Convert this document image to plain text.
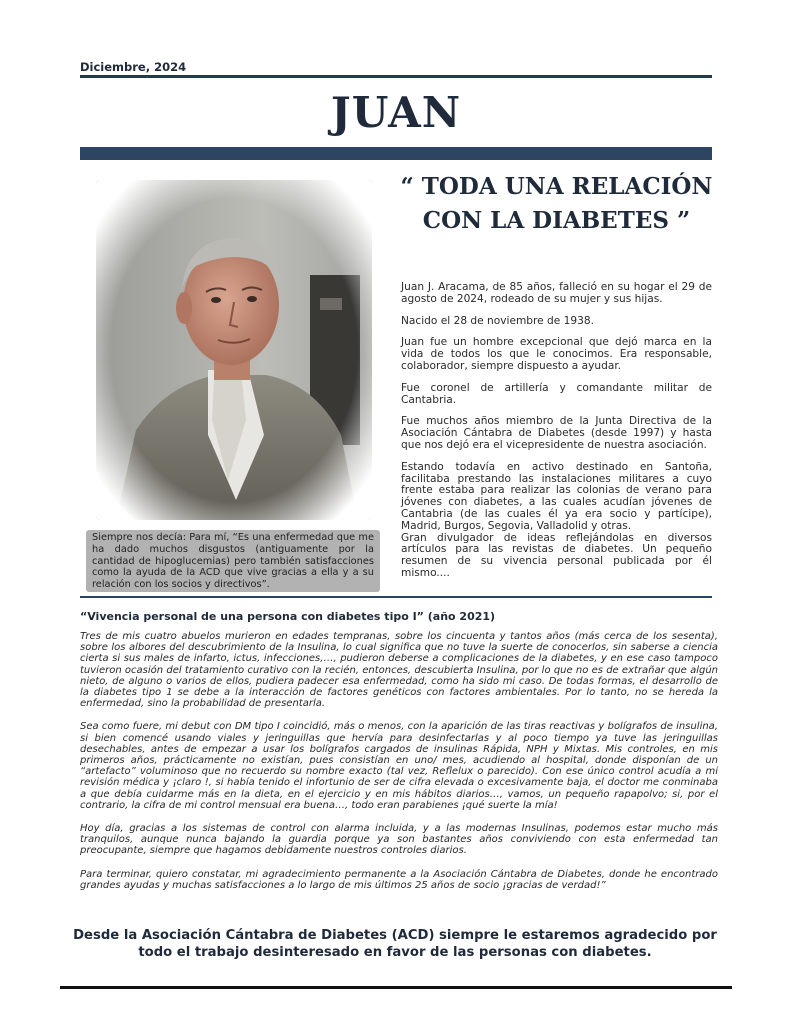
Diciembre, 2024
JUAN
Siempre nos decía: Para mí, “Es una enfermedad que me ha dado muchos disgustos (antiguamente por la cantidad de hipoglucemias) pero también satisfacciones como la ayuda de la ACD que vive gracias a ella y a su relación con los socios y directivos”.
“ TODA UNA RELACIÓN CON LA DIABETES ”

Juan J. Aracama, de 85 años, falleció en su hogar el 29 de agosto de 2024, rodeado de su mujer y sus hijas.

Nacido el 28 de noviembre de 1938.

Juan fue un hombre excepcional que dejó marca en la vida de todos los que le conocimos. Era responsable, colaborador, siempre dispuesto a ayudar.

Fue coronel de artillería y comandante militar de Cantabria.

Fue muchos años miembro de la Junta Directiva de la Asociación Cántabra de Diabetes (desde 1997) y hasta que nos dejó era el vicepresidente de nuestra asociación.

Estando todavía en activo destinado en Santoña, facilitaba prestando las instalaciones militares a cuyo frente estaba para realizar las colonias de verano para jóvenes con diabetes, a las cuales acudían jóvenes de Cantabria (de las cuales él ya era socio y partícipe), Madrid, Burgos, Segovia, Valladolid y otras.

Gran divulgador de ideas reflejándolas en diversos artículos para las revistas de diabetes. Un pequeño resumen de su vivencia personal publicada por él mismo....

“Vivencia personal de una persona con diabetes tipo I” (año 2021)

Tres de mis cuatro abuelos murieron en edades tempranas, sobre los cincuenta y tantos años (más cerca de los sesenta), sobre los albores del descubrimiento de la Insulina, lo cual significa que no tuve la suerte de conocerlos, sin saberse a ciencia cierta si sus males de infarto, ictus, infecciones,…, pudieron deberse a complicaciones de la diabetes, y en ese caso tampoco tuvieron ocasión del tratamiento curativo con la recién, entonces, descubierta Insulina, por lo que no es de extrañar que algún nieto, de alguno o varios de ellos, pudiera padecer esa enfermedad, como ha sido mi caso. De todas formas, el desarrollo de la diabetes tipo 1 se debe a la interacción de factores genéticos con factores ambientales. Por lo tanto, no se hereda la enfermedad, sino la probabilidad de presentarla.

Sea como fuere, mi debut con DM tipo I coincidió, más o menos, con la aparición de las tiras reactivas y bolígrafos de insulina, si bien comencé usando viales y jeringuillas que hervía para desinfectarlas y al poco tiempo ya tuve las jeringuillas desechables, antes de empezar a usar los bolígrafos cargados de insulinas Rápida, NPH y Mixtas. Mis controles, en mis primeros años, prácticamente no existían, pues consistían en uno/ mes, acudiendo al hospital, donde disponían de un “artefacto” voluminoso que no recuerdo su nombre exacto (tal vez, Reflelux o parecido). Con ese único control acudía a mi revisión médica y ¡claro !, si había tenido el infortunio de ser de cifra elevada o excesivamente baja, el doctor me conminaba a que debía cuidarme más en la dieta, en el ejercicio y en mis hábitos diarios…, vamos, un pequeño rapapolvo; si, por el contrario, la cifra de mi control mensual era buena…, todo eran parabienes ¡qué suerte la mía!

Hoy día, gracias a los sistemas de control con alarma incluida, y a las modernas Insulinas, podemos estar mucho más tranquilos, aunque nunca bajando la guardia porque ya son bastantes años conviviendo con esta enfermedad tan preocupante, siempre que hagamos debidamente nuestros controles diarios.

Para terminar, quiero constatar, mi agradecimiento permanente a la Asociación Cántabra de Diabetes, donde he encontrado grandes ayudas y muchas satisfacciones a lo largo de mis últimos 25 años de socio ¡gracias de verdad!”

Desde la Asociación Cántabra de Diabetes (ACD) siempre le estaremos agradecido por todo el trabajo desinteresado en favor de las personas con diabetes.
